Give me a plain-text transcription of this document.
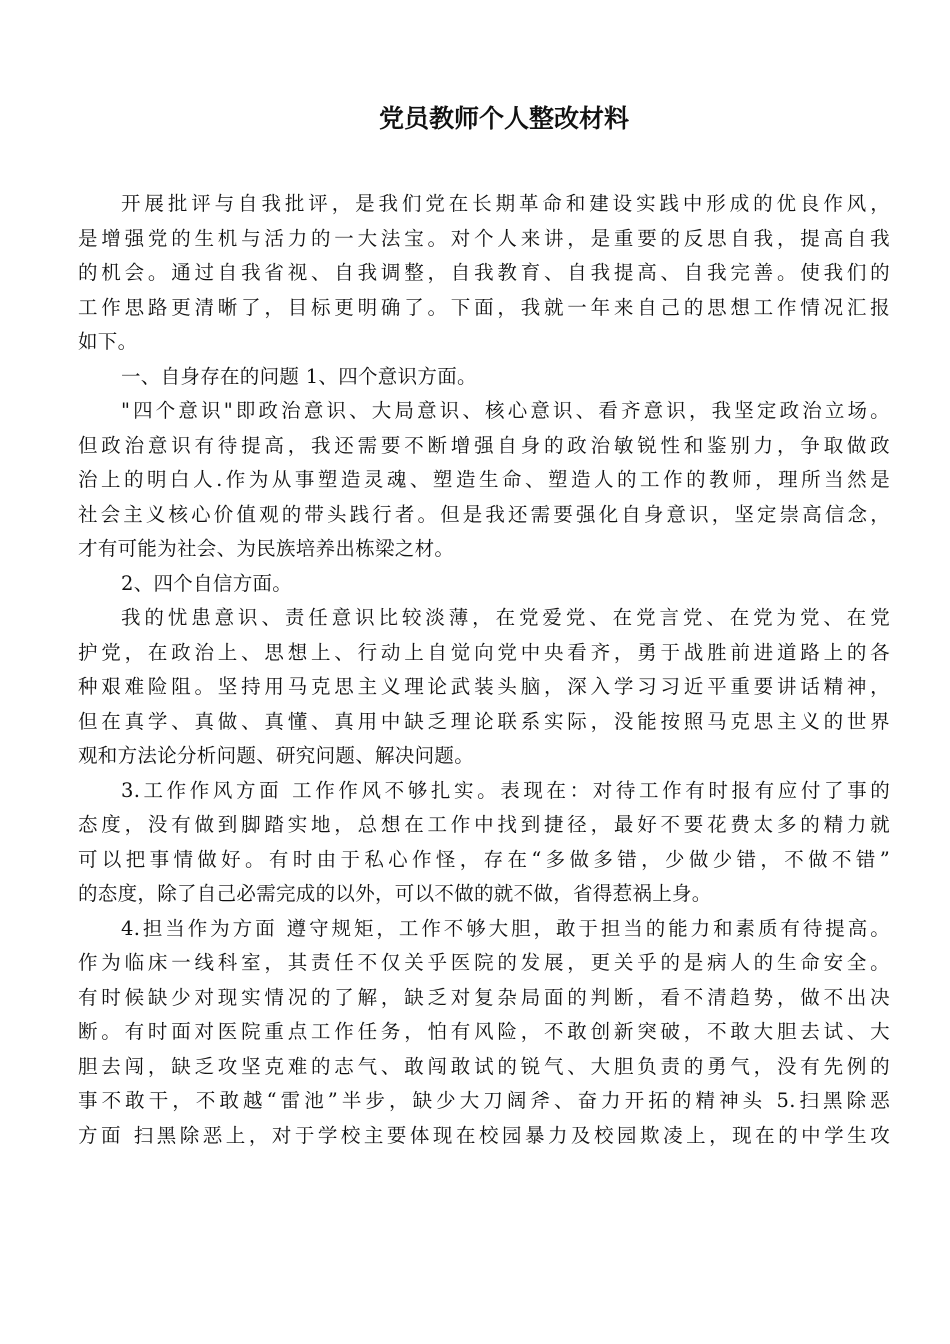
党员教师个人整改材料
开展批评与自我批评，是我们党在长期革命和建设实践中形成的优良作风，
是增强党的生机与活力的一大法宝。对个人来讲，是重要的反思自我，提高自我
的机会。通过自我省视、自我调整，自我教育、自我提高、自我完善。使我们的
工作思路更清晰了，目标更明确了。下面，我就一年来自己的思想工作情况汇报
如下。
一、自身存在的问题 1、四个意识方面。
"四个意识"即政治意识、大局意识、核心意识、看齐意识，我坚定政治立场。
但政治意识有待提高，我还需要不断增强自身的政治敏锐性和鉴别力，争取做政
治上的明白人.作为从事塑造灵魂、塑造生命、塑造人的工作的教师，理所当然是
社会主义核心价值观的带头践行者。但是我还需要强化自身意识，坚定崇高信念，
才有可能为社会、为民族培养出栋梁之材。
2、四个自信方面。
我的忧患意识、责任意识比较淡薄，在党爱党、在党言党、在党为党、在党
护党，在政治上、思想上、行动上自觉向党中央看齐，勇于战胜前进道路上的各
种艰难险阻。坚持用马克思主义理论武装头脑，深入学习习近平重要讲话精神，
但在真学、真做、真懂、真用中缺乏理论联系实际，没能按照马克思主义的世界
观和方法论分析问题、研究问题、解决问题。
3.工作作风方面 工作作风不够扎实。表现在：对待工作有时报有应付了事的
态度，没有做到脚踏实地，总想在工作中找到捷径，最好不要花费太多的精力就
可以把事情做好。有时由于私心作怪，存在“多做多错，少做少错，不做不错”
的态度，除了自己必需完成的以外，可以不做的就不做，省得惹祸上身。
4.担当作为方面 遵守规矩，工作不够大胆，敢于担当的能力和素质有待提高。
作为临床一线科室，其责任不仅关乎医院的发展，更关乎的是病人的生命安全。
有时候缺少对现实情况的了解，缺乏对复杂局面的判断，看不清趋势，做不出决
断。有时面对医院重点工作任务，怕有风险，不敢创新突破，不敢大胆去试、大
胆去闯，缺乏攻坚克难的志气、敢闯敢试的锐气、大胆负责的勇气，没有先例的
事不敢干，不敢越“雷池”半步，缺少大刀阔斧、奋力开拓的精神头 5.扫黑除恶
方面 扫黑除恶上，对于学校主要体现在校园暴力及校园欺凌上，现在的中学生攻
